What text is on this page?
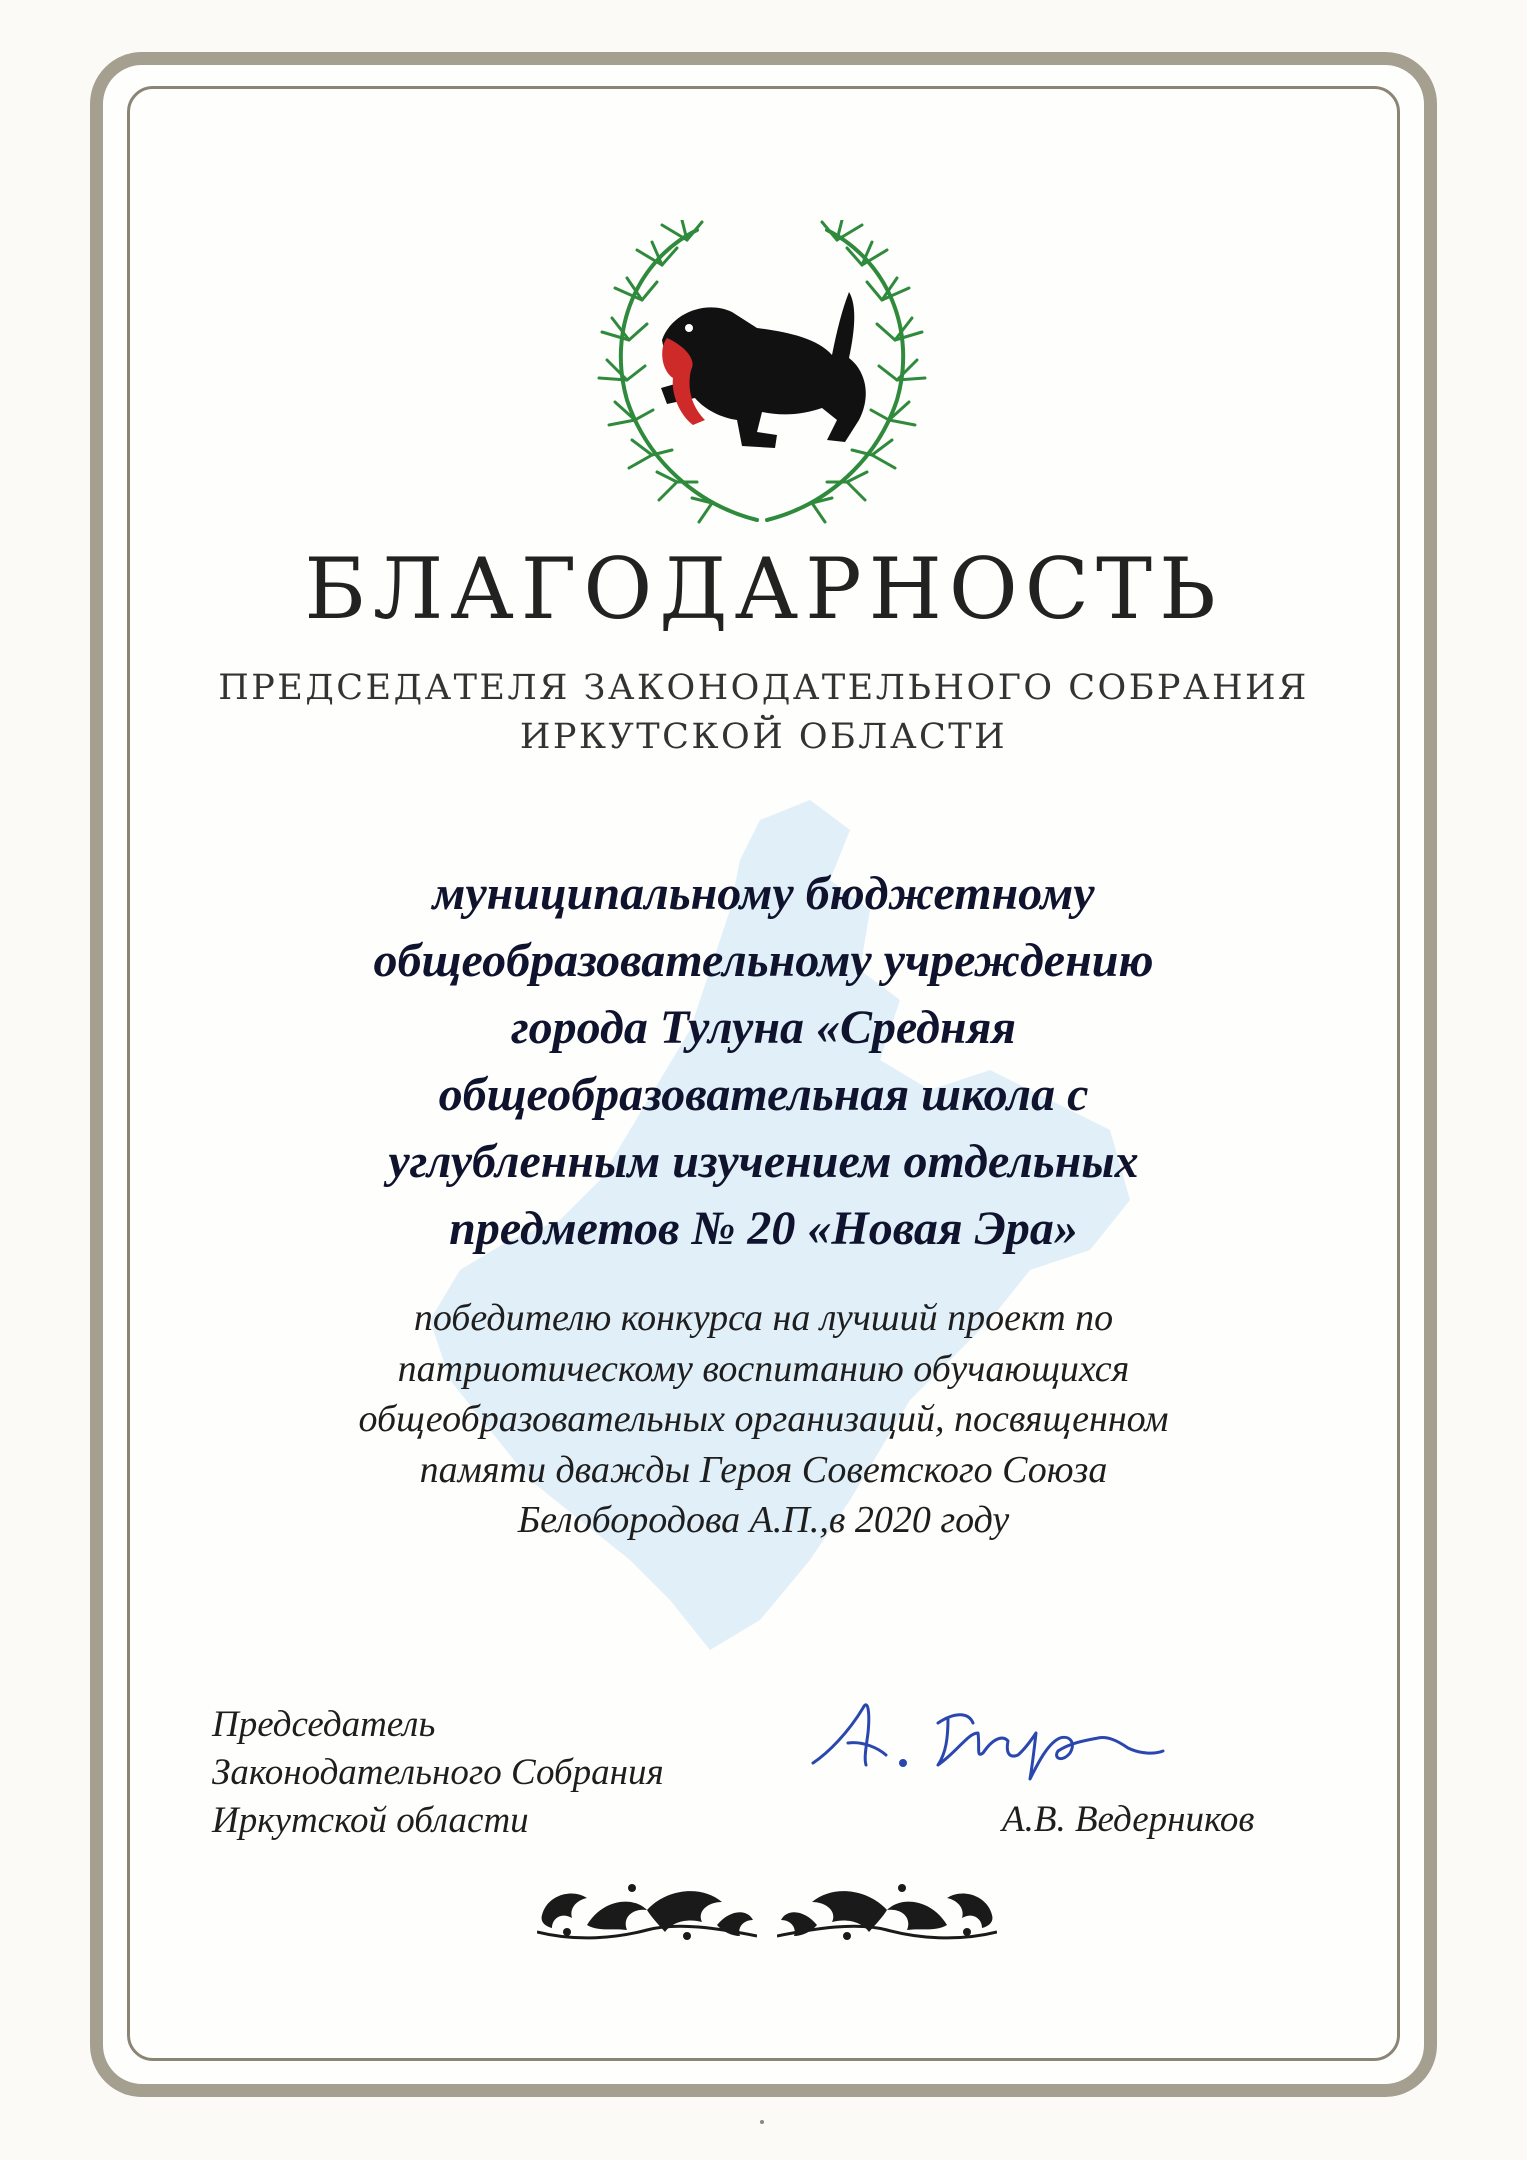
БЛАГОДАРНОСТЬ
ПРЕДСЕДАТЕЛЯ ЗАКОНОДАТЕЛЬНОГО СОБРАНИЯ
ИРКУТСКОЙ ОБЛАСТИ
муниципальному бюджетному
общеобразовательному учреждению
города Тулуна «Средняя
общеобразовательная школа с
углубленным изучением отдельных
предметов № 20 «Новая Эра»
победителю конкурса на лучший проект по
патриотическому воспитанию обучающихся
общеобразовательных организаций, посвященном
памяти дважды Героя Советского Союза
Белобородова А.П.,в 2020 году
Председатель
Законодательного Собрания
Иркутской области	А.В. Ведерников
